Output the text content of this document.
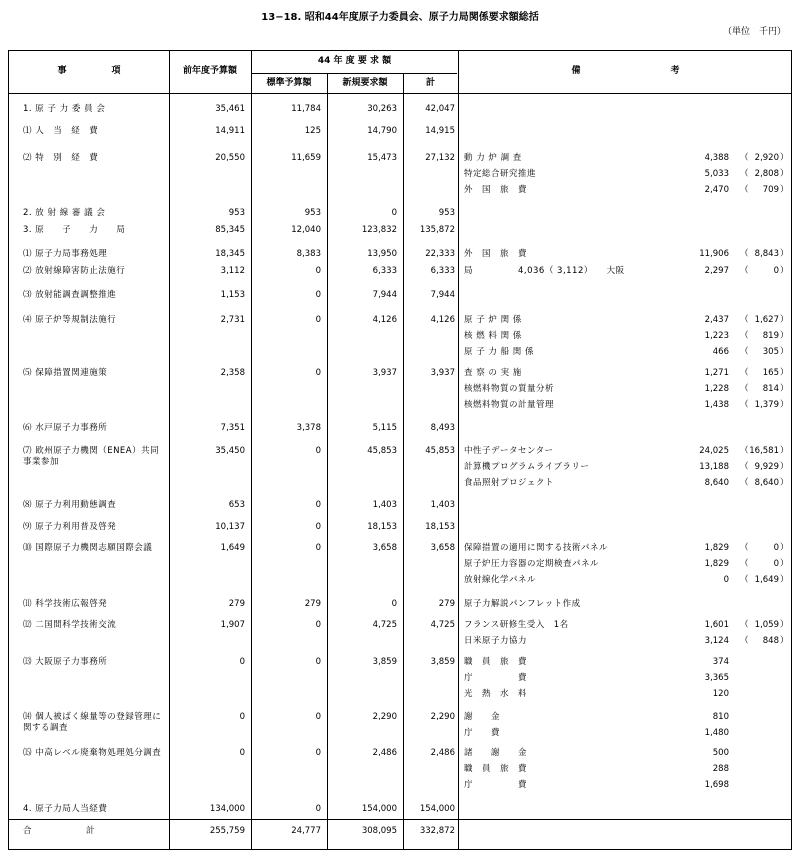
13−18. 昭和44年度原子力委員会、原子力局関係要求額総括
（単位　千円）
事　　　　　項	前年度予算額
44 年 度 要 求 額
標準予算額	新規要求額	計
備　　　　　　　　　　考
1. 原 子 力 委 員 会	35,461	11,784	30,263	42,047
⑴ 人　当　経　費	14,911	125	14,790	14,915
⑵ 特　別　経　費	20,550	11,659	15,473	27,132 動 力 炉 調 査	4,388 （ 2,920 ）
特定総合研究推進	5,033 （ 2,808 ）
外　国　旅　費	2,470 （	709 ）
2. 放 射 線 審 議 会	953	953	0	953
3. 原　　子　　力　　局	85,345	12,040	123,832	135,872
⑴ 原子力局事務処理	18,345	8,383	13,950	22,333 外　国　旅　費	11,906 （ 8,843 ）
⑵ 放射線障害防止法施行	3,112	0	6,333	6,333 局　　　　　4,036（ 3,112）　　大阪	2,297 （	0 ）
⑶ 放射能調査調整推進	1,153	0	7,944	7,944
⑷ 原子炉等規制法施行	2,731	0	4,126	4,126 原 子 炉 関 係	2,437 （ 1,627 ）
核 燃 料 関 係	1,223 （	819 ）
原 子 力 船 関 係	466 （	305 ）
⑸ 保障措置関連施策	2,358	0	3,937	3,937 査 察 の 実 施	1,271 （	165 ）
核燃料物質の質量分析	1,228 （	814 ）
核燃料物質の計量管理	1,438 （ 1,379 ）
⑹ 水戸原子力事務所	7,351	3,378	5,115	8,493
⑺ 欧州原子力機関（ENEA）共同事業参加
35,450	0	45,853	45,853 中性子データセンター	24,025 （ 16,581 ）
計算機プログラムライブラリー	13,188 （ 9,929 ）
食品照射プロジェクト	8,640 （ 8,640 ）
⑻ 原子力利用動態調査	653	0	1,403	1,403
⑼ 原子力利用普及啓発	10,137	0	18,153	18,153
⑽ 国際原子力機関志願国際会議	1,649	0	3,658	3,658 保障措置の適用に関する技術パネル	1,829 （	0 ）
原子炉圧力容器の定期検査パネル	1,829 （	0 ）
放射線化学パネル	0 （ 1,649 ）
⑾ 科学技術広報啓発	279	279	0	279 原子力解説パンフレット作成
⑿ 二国間科学技術交流	1,907	0	4,725	4,725 フランス研修生受入　1名	1,601 （ 1,059 ）
日米原子力協力	3,124 （	848 ）
⒀ 大阪原子力事務所	0	0	3,859	3,859 職　員　旅　費	374
庁　　　　　費	3,365
光　熱　水　料	120
⒁ 個人被ばく線量等の登録管理に関する調査
0	0	2,290	2,290 謝　　金	810
庁　　費	1,480
⒂ 中高レベル廃棄物処理処分調査	0	0	2,486	2,486 諸　　謝　　金	500
職　員　旅　費	288
庁　　　　　費	1,698
4. 原子力局人当経費	134,000	0	154,000	154,000
合　　　　　　計	255,759	24,777	308,095	332,872
